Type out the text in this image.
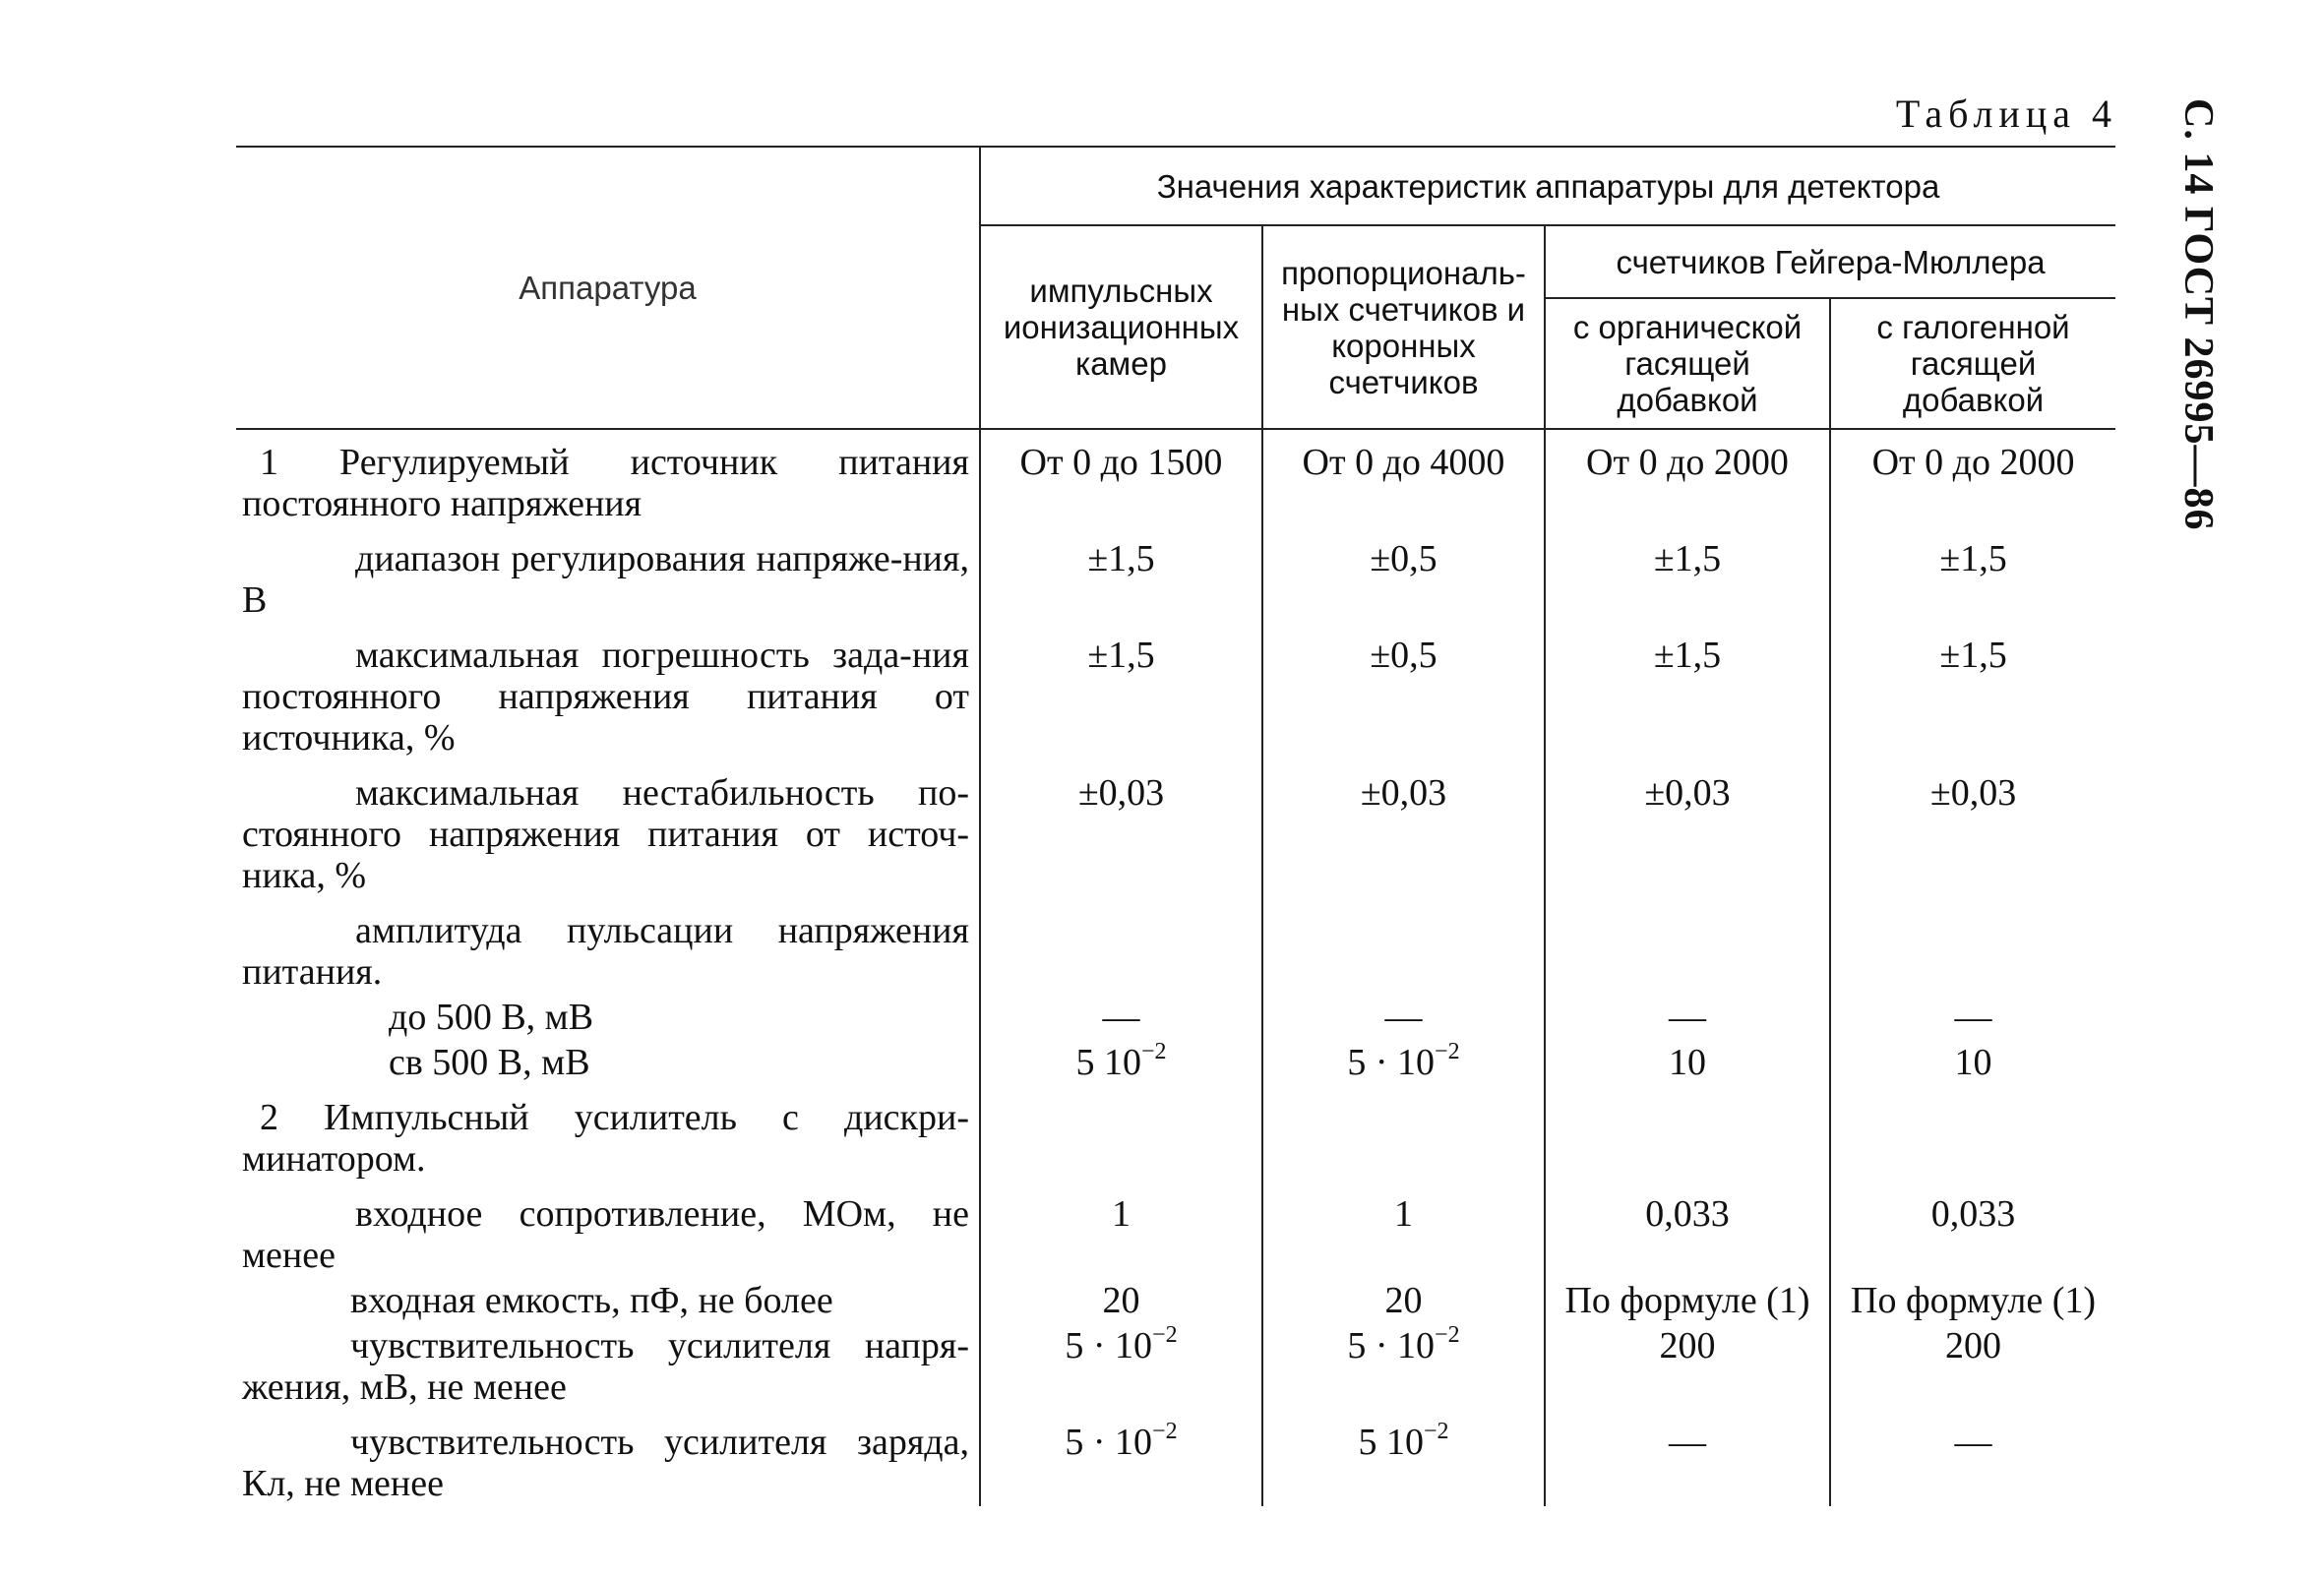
Таблица 4 С. 14 ГОСТ 26995—86
Аппаратура	Значения характеристик аппаратуры для детектора			
	импульсных ионизационных камер	пропорциональ-ных счетчиков и коронных счетчиков	счетчиков Гейгера-Мюллера	
			с органической гасящей добавкой	с галогенной гасящей добавкой
1 Регулируемый источник питания постоянного напряжения	От 0 до 1500	От 0 до 4000	От 0 до 2000	От 0 до 2000
диапазон регулирования напряже-ния, В	±1,5	±0,5	±1,5	±1,5
максимальная погрешность зада-ния постоянного напряжения питания от источника, %	±1,5	±0,5	±1,5	±1,5
максимальная нестабильность по-стоянного напряжения питания от источ-ника, %	±0,03	±0,03	±0,03	±0,03
амплитуда пульсации напряжения питания.				
до 500 В, мВ	—	—	—	—
св 500 В, мВ	5 $10^{-2}$	$5 \cdot 10^{-2}$	10	10
2 Импульсный усилитель с дискри-минатором.				
входное сопротивление, МОм, не менее	1	1	0,033	0,033
входная емкость, пФ, не более	20	20	По формуле (1)	По формуле (1)
чувствительность усилителя напря-жения, мВ, не менее	$5 \cdot 10^{-2}$	$5 \cdot 10^{-2}$	200	200
чувствительность усилителя заряда, Кл, не менее	$5 \cdot 10^{-2}$	5 $10^{-2}$	—	—
